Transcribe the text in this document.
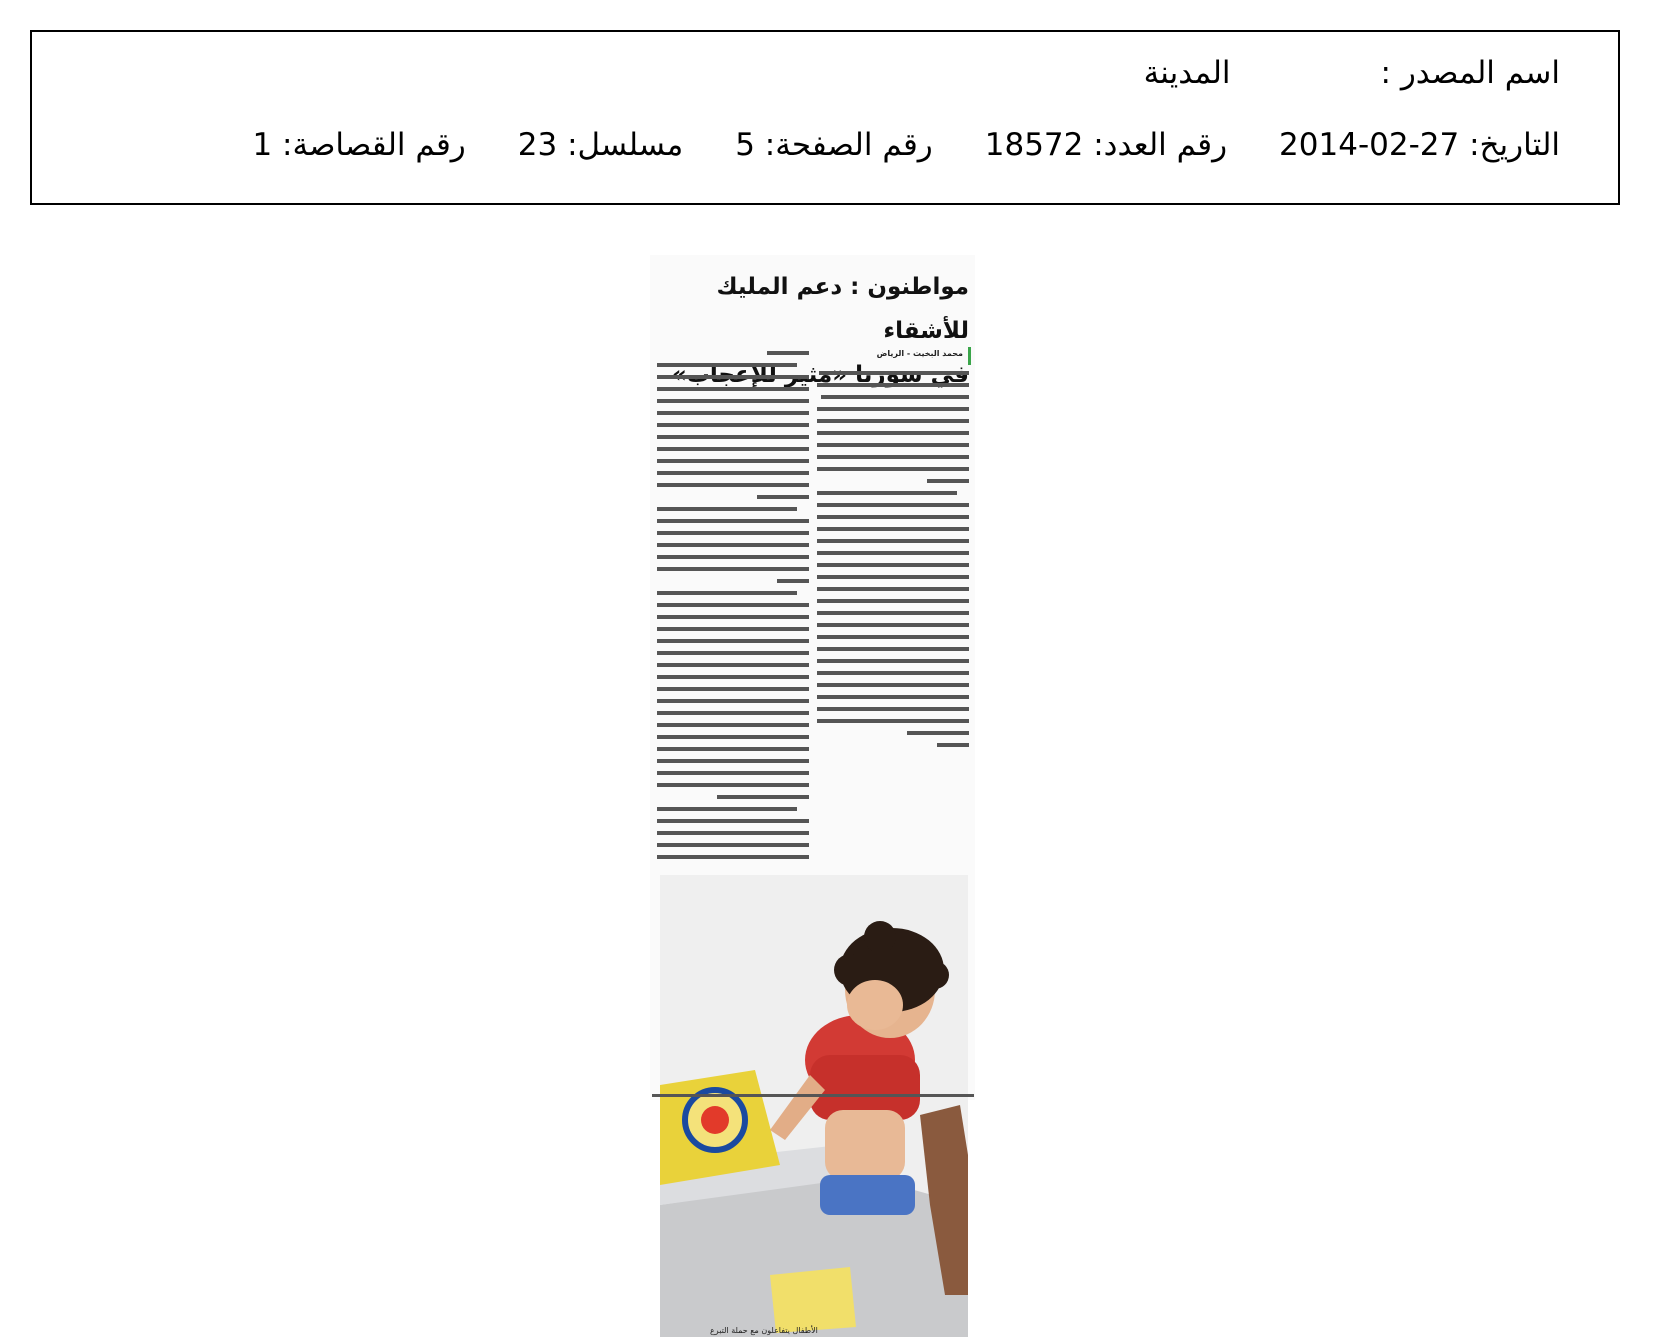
اسم المصدر :المدينة
التاريخ: 27-02-2014رقم العدد: 18572رقم الصفحة: 5مسلسل: 23رقم القصاصة: 1
مواطنون : دعم المليك للأشقاء
«مثير
محمد البخيت - الرياض
الأطفال يتفاعلون مع حملة التبرع
